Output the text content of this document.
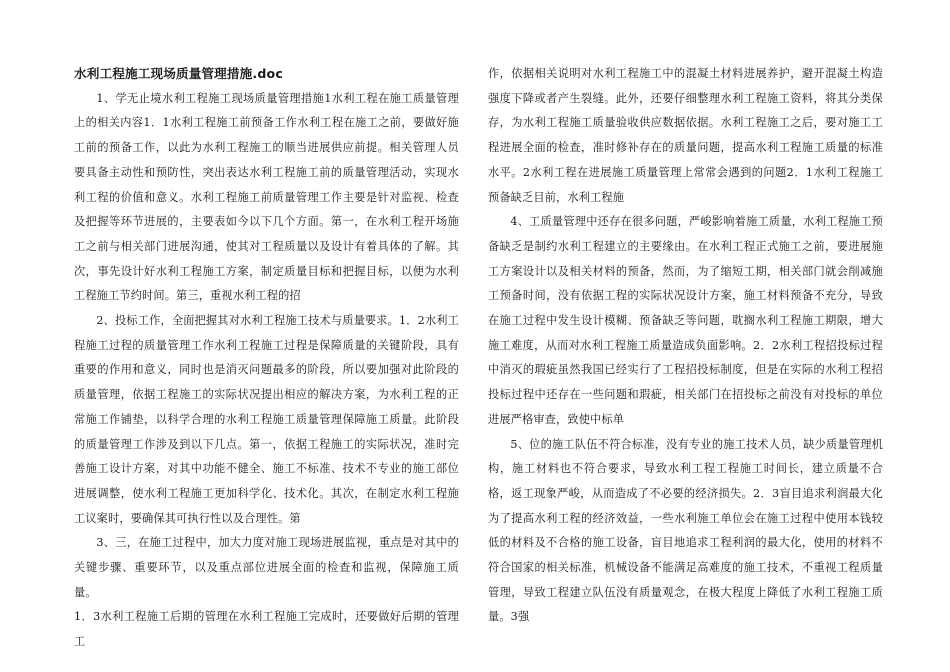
水利工程施工现场质量管理措施.doc

1、学无止境水利工程施工现场质量管理措施1水利工程在施工质量管理上的相关内容1．1水利工程施工前预备工作水利工程在施工之前，要做好施工前的预备工作，以此为水利工程施工的顺当进展供应前提。相关管理人员要具备主动性和预防性，突出表达水利工程施工前的质量管理活动，实现水利工程的价值和意义。水利工程施工前质量管理工作主要是针对监视、检查及把握等环节进展的，主要表如今以下几个方面。第一，在水利工程开场施工之前与相关部门进展沟通，使其对工程质量以及设计有着具体的了解。其次，事先设计好水利工程施工方案，制定质量目标和把握目标，以便为水利工程施工节约时间。第三，重视水利工程的招

2、投标工作，全面把握其对水利工程施工技术与质量要求。1．2水利工程施工过程的质量管理工作水利工程施工过程是保障质量的关键阶段，具有重要的作用和意义，同时也是消灭问题最多的阶段，所以要加强对此阶段的质量管理，依据工程施工的实际状况提出相应的解决方案，为水利工程的正常施工作铺垫，以科学合理的水利工程施工质量管理保障施工质量。此阶段的质量管理工作涉及到以下几点。第一，依据工程施工的实际状况，准时完善施工设计方案，对其中功能不健全、施工不标准、技术不专业的施工部位进展调整，使水利工程施工更加科学化、技术化。其次，在制定水利工程施工议案时，要确保其可执行性以及合理性。第

3、三，在施工过程中，加大力度对施工现场进展监视，重点是对其中的关键步骤、重要环节，以及重点部位进展全面的检查和监视，保障施工质量。

1．3水利工程施工后期的管理在水利工程施工完成时，还要做好后期的管理工

作，依据相关说明对水利工程施工中的混凝土材料进展养护，避开混凝土构造强度下降或者产生裂缝。此外，还要仔细整理水利工程施工资料，将其分类保存，为水利工程施工质量验收供应数据依据。水利工程施工之后，要对施工工程进展全面的检查，准时修补存在的质量问题，提高水利工程施工质量的标准水平。2水利工程在进展施工质量管理上常常会遇到的问题2．1水利工程施工预备缺乏目前，水利工程施

4、工质量管理中还存在很多问题，严峻影响着施工质量，水利工程施工预备缺乏是制约水利工程建立的主要缘由。在水利工程正式施工之前，要进展施工方案设计以及相关材料的预备，然而，为了缩短工期，相关部门就会削减施工预备时间，没有依据工程的实际状况设计方案，施工材料预备不充分，导致在施工过程中发生设计模糊、预备缺乏等问题，耽搁水利工程施工期限，增大施工难度，从而对水利工程施工质量造成负面影响。2．2水利工程招投标过程中消灭的瑕疵虽然我国已经实行了工程招投标制度，但是在实际的水利工程招投标过程中还存在一些问题和瑕疵，相关部门在招投标之前没有对投标的单位进展严格审查，致使中标单

5、位的施工队伍不符合标准，没有专业的施工技术人员，缺少质量管理机构，施工材料也不符合要求，导致水利工程工程施工时间长，建立质量不合格，返工现象严峻，从而造成了不必要的经济损失。2．3盲目追求利润最大化为了提高水利工程的经济效益，一些水利施工单位会在施工过程中使用本钱较低的材料及不合格的施工设备，盲目地追求工程利润的最大化，使用的材料不符合国家的相关标准，机械设备不能满足高难度的施工技术，不重视工程质量管理，导致工程建立队伍没有质量观念，在极大程度上降低了水利工程施工质量。3强
